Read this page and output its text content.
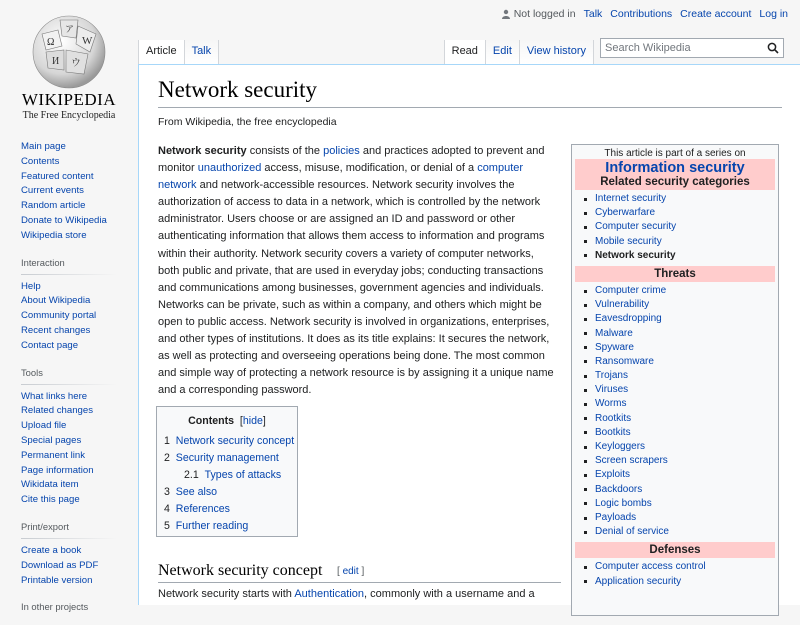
Ω	W
И ウ
ア
WIKIPEDIA
The Free Encyclopedia
Not logged in Talk Contributions Create account Log in
Article	Talk	Read	Edit	View history	Search Wikipedia
Main page
Contents
Featured content
Current events
Random article
Donate to Wikipedia
Wikipedia store
Interaction
Help
About Wikipedia
Community portal
Recent changes
Contact page
Tools
What links here
Related changes
Upload file
Special pages
Permanent link
Page information
Wikidata item
Cite this page
Print/export
Create a book
Download as PDF
Printable version
In other projects
Network security
From Wikipedia, the free encyclopedia
Network security consists of the policies and practices adopted to prevent and monitor unauthorized access, misuse, modification, or denial of a computer network and network-accessible resources. Network security involves the authorization of access to data in a network, which is controlled by the network administrator. Users choose or are assigned an ID and password or other authenticating information that allows them access to information and programs within their authority. Network security covers a variety of computer networks, both public and private, that are used in everyday jobs; conducting transactions and communications among businesses, government agencies and individuals. Networks can be private, such as within a company, and others which might be open to public access. Network security is involved in organizations, enterprises, and other types of institutions. It does as its title explains: It secures the network, as well as protecting and overseeing operations being done. The most common and simple way of protecting a network resource is by assigning it a unique name and a corresponding password.
Contents  [hide]
1 Network security concept
2 Security management
2.1 Types of attacks
3 See also
4 References
5 Further reading
Network security concept [ edit ]
Network security starts with Authentication, commonly with a username and a
This article is part of a series on
Information security
Related security categories
Internet security
Cyberwarfare
Computer security
Mobile security
Network security
Threats
Computer crime
Vulnerability
Eavesdropping
Malware
Spyware
Ransomware
Trojans
Viruses
Worms
Rootkits
Bootkits
Keyloggers
Screen scrapers
Exploits
Backdoors
Logic bombs
Payloads
Denial of service
Defenses
Computer access control
Application security
